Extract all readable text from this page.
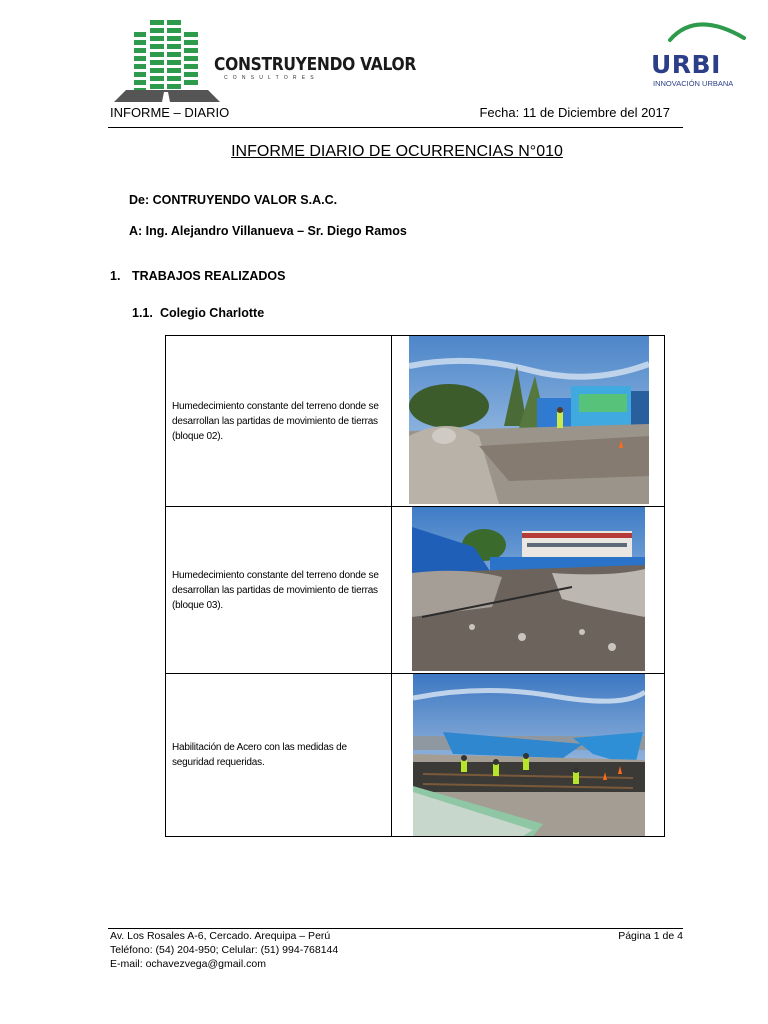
CONSTRUYENDO VALOR
CONSULTORES	URBI
INNOVACIÓN URBANA
INFORME – DIARIO	Fecha: 11 de Diciembre del 2017
INFORME DIARIO DE OCURRENCIAS N°010
De: CONTRUYENDO VALOR S.A.C.
A: Ing. Alejandro Villanueva – Sr. Diego Ramos
1. TRABAJOS REALIZADOS
1.1. Colegio Charlotte
Humedecimiento constante del terreno donde se desarrollan las partidas de movimiento de tierras (bloque 02).
Humedecimiento constante del terreno donde se desarrollan las partidas de movimiento de tierras (bloque 03).
Habilitación de Acero con las medidas de seguridad requeridas.
Av. Los Rosales A-6, Cercado. Arequipa – Perú
Teléfono: (54) 204-950; Celular: (51) 994-768144
E-mail: ochavezvega@gmail.com
Página 1 de 4
